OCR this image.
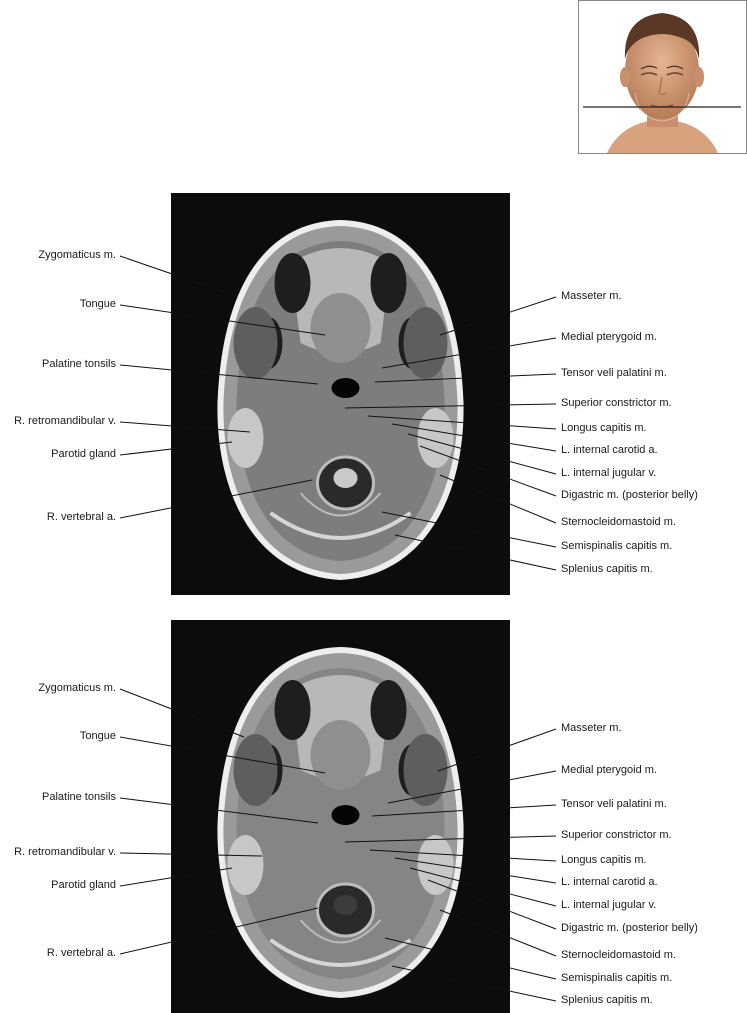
Zygomaticus m.
Tongue
Palatine tonsils
R. retromandibular v.
Parotid gland
R. vertebral a.
Masseter m.
Medial pterygoid m.
Tensor veli palatini m.
Superior constrictor m.
Longus capitis m.
L. internal carotid a.
L. internal jugular v.
Digastric m. (posterior belly)
Sternocleidomastoid m.
Semispinalis capitis m.
Splenius capitis m.
Zygomaticus m.
Tongue
Palatine tonsils
R. retromandibular v.
Parotid gland
R. vertebral a.
Masseter m.
Medial pterygoid m.
Tensor veli palatini m.
Superior constrictor m.
Longus capitis m.
L. internal carotid a.
L. internal jugular v.
Digastric m. (posterior belly)
Sternocleidomastoid m.
Semispinalis capitis m.
Splenius capitis m.
